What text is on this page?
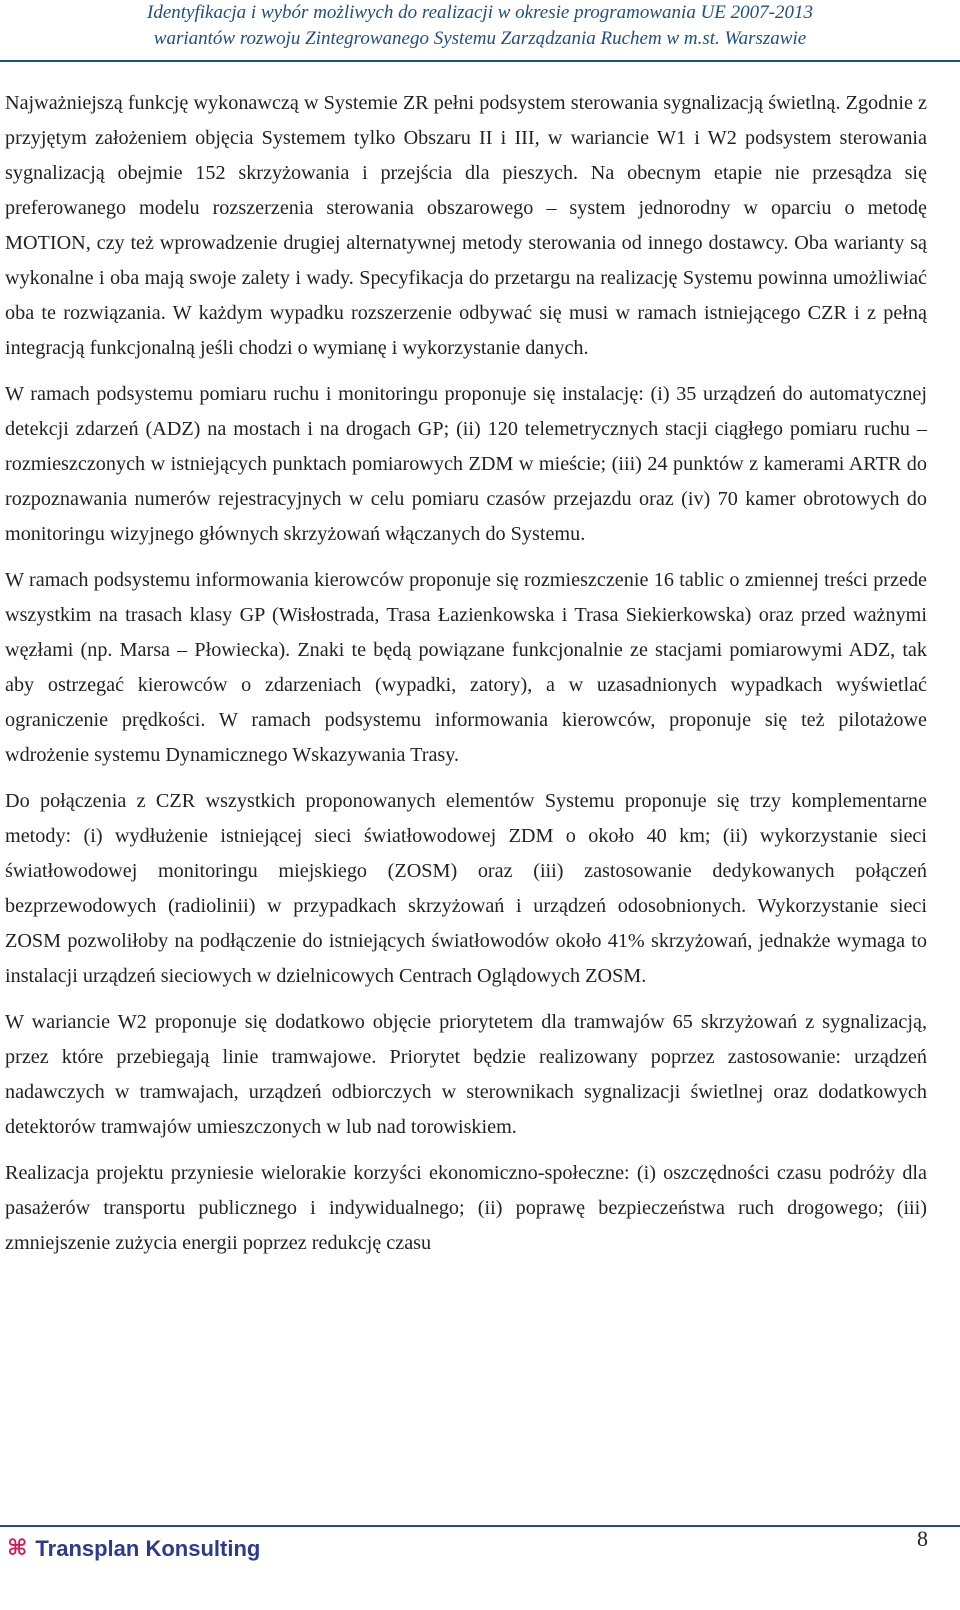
Identyfikacja i wybór możliwych do realizacji w okresie programowania UE 2007-2013
wariantów rozwoju Zintegrowanego Systemu Zarządzania Ruchem w m.st. Warszawie

Najważniejszą funkcję wykonawczą w Systemie ZR pełni podsystem sterowania sygnalizacją świetlną. Zgodnie z przyjętym założeniem objęcia Systemem tylko Obszaru II i III, w wariancie W1 i W2 podsystem sterowania sygnalizacją obejmie 152 skrzyżowania i przejścia dla pieszych. Na obecnym etapie nie przesądza się preferowanego modelu rozszerzenia sterowania obszarowego – system jednorodny w oparciu o metodę MOTION, czy też wprowadzenie drugiej alternatywnej metody sterowania od innego dostawcy. Oba warianty są wykonalne i oba mają swoje zalety i wady. Specyfikacja do przetargu na realizację Systemu powinna umożliwiać oba te rozwiązania. W każdym wypadku rozszerzenie odbywać się musi w ramach istniejącego CZR i z pełną integracją funkcjonalną jeśli chodzi o wymianę i wykorzystanie danych.

W ramach podsystemu pomiaru ruchu i monitoringu proponuje się instalację: (i) 35 urządzeń do automatycznej detekcji zdarzeń (ADZ) na mostach i na drogach GP; (ii) 120 telemetrycznych stacji ciągłego pomiaru ruchu – rozmieszczonych w istniejących punktach pomiarowych ZDM w mieście; (iii) 24 punktów z kamerami ARTR do rozpoznawania numerów rejestracyjnych w celu pomiaru czasów przejazdu oraz (iv) 70 kamer obrotowych do monitoringu wizyjnego głównych skrzyżowań włączanych do Systemu.

W ramach podsystemu informowania kierowców proponuje się rozmieszczenie 16 tablic o zmiennej treści przede wszystkim na trasach klasy GP (Wisłostrada, Trasa Łazienkowska i Trasa Siekierkowska) oraz przed ważnymi węzłami (np. Marsa – Płowiecka). Znaki te będą powiązane funkcjonalnie ze stacjami pomiarowymi ADZ, tak aby ostrzegać kierowców o zdarzeniach (wypadki, zatory), a w uzasadnionych wypadkach wyświetlać ograniczenie prędkości. W ramach podsystemu informowania kierowców, proponuje się też pilotażowe wdrożenie systemu Dynamicznego Wskazywania Trasy.

Do połączenia z CZR wszystkich proponowanych elementów Systemu proponuje się trzy komplementarne metody: (i) wydłużenie istniejącej sieci światłowodowej ZDM o około 40 km; (ii) wykorzystanie sieci światłowodowej monitoringu miejskiego (ZOSM) oraz (iii) zastosowanie dedykowanych połączeń bezprzewodowych (radiolinii) w przypadkach skrzyżowań i urządzeń odosobnionych. Wykorzystanie sieci ZOSM pozwoliłoby na podłączenie do istniejących światłowodów około 41% skrzyżowań, jednakże wymaga to instalacji urządzeń sieciowych w dzielnicowych Centrach Oglądowych ZOSM.

W wariancie W2 proponuje się dodatkowo objęcie priorytetem dla tramwajów 65 skrzyżowań z sygnalizacją, przez które przebiegają linie tramwajowe. Priorytet będzie realizowany poprzez zastosowanie: urządzeń nadawczych w tramwajach, urządzeń odbiorczych w sterownikach sygnalizacji świetlnej oraz dodatkowych detektorów tramwajów umieszczonych w lub nad torowiskiem.

Realizacja projektu przyniesie wielorakie korzyści ekonomiczno-społeczne: (i) oszczędności czasu podróży dla pasażerów transportu publicznego i indywidualnego; (ii) poprawę bezpieczeństwa ruch drogowego; (iii) zmniejszenie zużycia energii poprzez redukcję czasu

⌘ Transplan Konsulting	8
